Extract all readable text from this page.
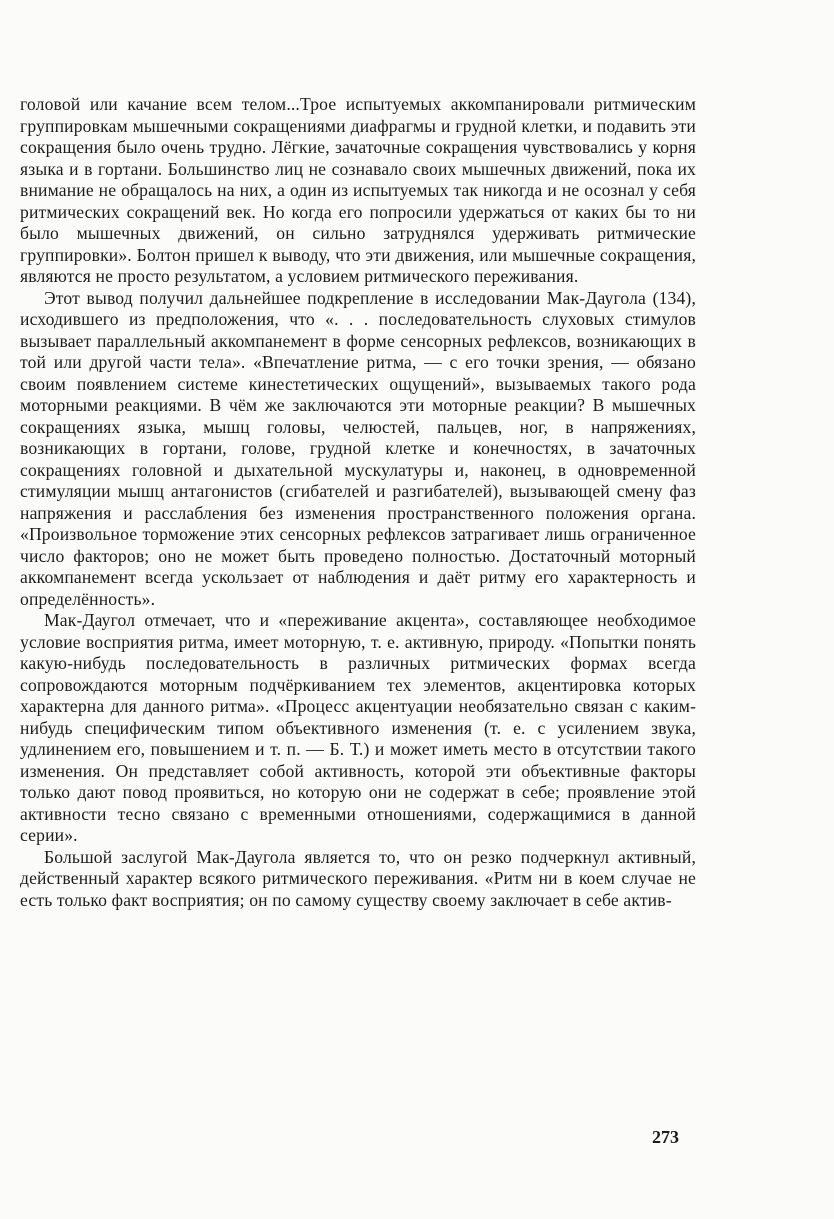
головой или качание всем телом...Трое испытуемых аккомпанировали ритмическим группировкам мышечными сокращениями диафрагмы и грудной клетки, и подавить эти сокращения было очень трудно. Лёгкие, зачаточные сокращения чувствовались у корня языка и в гортани. Большинство лиц не сознавало своих мышечных движений, пока их внимание не обращалось на них, а один из испытуемых так никогда и не осознал у себя ритмических сокращений век. Но когда его попросили удержаться от каких бы то ни было мышечных движений, он сильно затруднялся удерживать ритмические группировки». Болтон пришел к выводу, что эти движения, или мышечные сокращения, являются не просто результатом, а условием ритмического переживания.

Этот вывод получил дальнейшее подкрепление в исследовании Мак-Даугола (134), исходившего из предположения, что «. . . последовательность слуховых стимулов вызывает параллельный аккомпанемент в форме сенсорных рефлексов, возникающих в той или другой части тела». «Впечатление ритма, — с его точки зрения, — обязано своим появлением системе кинестетических ощущений», вызываемых такого рода моторными реакциями. В чём же заключаются эти моторные реакции? В мышечных сокращениях языка, мышц головы, челюстей, пальцев, ног, в напряжениях, возникающих в гортани, голове, грудной клетке и конечностях, в зачаточных сокращениях головной и дыхательной мускулатуры и, наконец, в одновременной стимуляции мышц антагонистов (сгибателей и разгибателей), вызывающей смену фаз напряжения и расслабления без изменения пространственного положения органа. «Произвольное торможение этих сенсорных рефлексов затрагивает лишь ограниченное число факторов; оно не может быть проведено полностью. Достаточный моторный аккомпанемент всегда ускользает от наблюдения и даёт ритму его характерность и определённость».

Мак-Даугол отмечает, что и «переживание акцента», составляющее необходимое условие восприятия ритма, имеет моторную, т. е. активную, природу. «Попытки понять какую-нибудь последовательность в различных ритмических формах всегда сопровождаются моторным подчёркиванием тех элементов, акцентировка которых характерна для данного ритма». «Процесс акцентуации необязательно связан с каким-нибудь специфическим типом объективного изменения (т. е. с усилением звука, удлинением его, повышением и т. п. — Б. Т.) и может иметь место в отсутствии такого изменения. Он представляет собой активность, которой эти объективные факторы только дают повод проявиться, но которую они не содержат в себе; проявление этой активности тесно связано с временными отношениями, содержащимися в данной серии».

Большой заслугой Мак-Даугола является то, что он резко подчеркнул активный, действенный характер всякого ритмического переживания. «Ритм ни в коем случае не есть только факт восприятия; он по самому существу своему заключает в себе актив-

273
